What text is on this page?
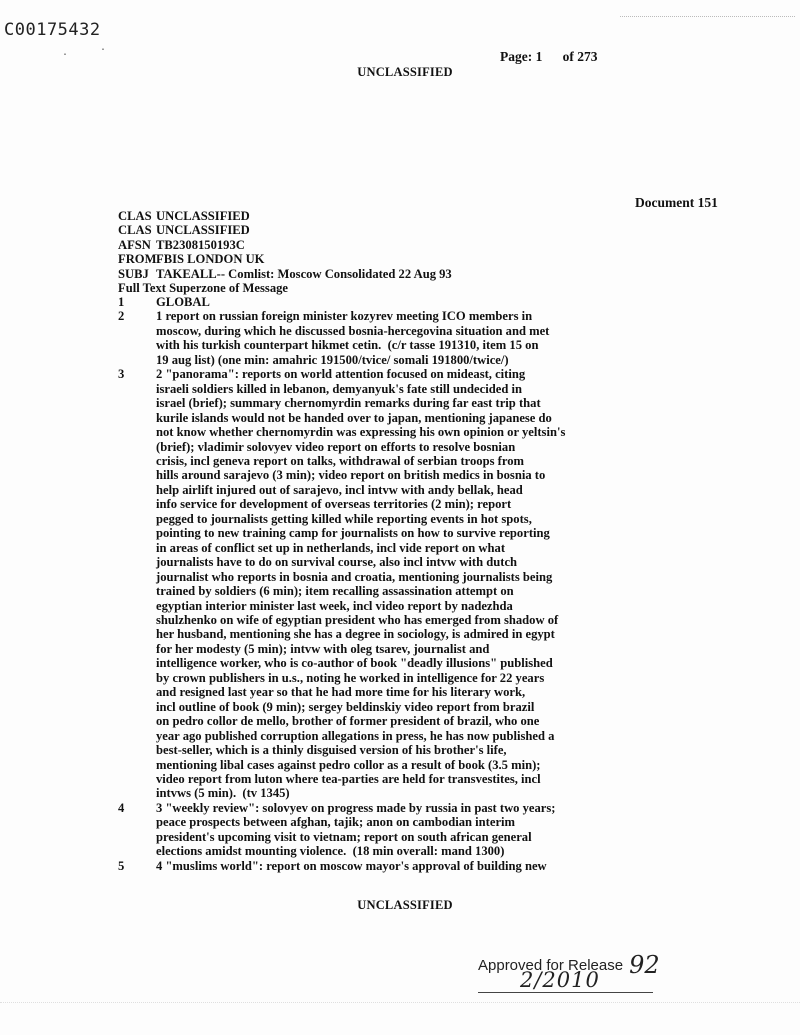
C00175432
·	·	Page: 1 of 273
UNCLASSIFIED
Document 151
CLAS UNCLASSIFIED
CLAS UNCLASSIFIED
AFSN TB2308150193C
FROM FBIS LONDON UK
SUBJ TAKEALL-- Comlist: Moscow Consolidated 22 Aug 93
Full Text Superzone of Message
1	GLOBAL
2	1 report on russian foreign minister kozyrev meeting ICO members in
moscow, during which he discussed bosnia-hercegovina situation and met
with his turkish counterpart hikmet cetin.  (c/r tasse 191310, item 15 on
19 aug list) (one min: amahric 191500/tvice/ somali 191800/twice/)
3	2 "panorama": reports on world attention focused on mideast, citing
israeli soldiers killed in lebanon, demyanyuk's fate still undecided in
israel (brief); summary chernomyrdin remarks during far east trip that
kurile islands would not be handed over to japan, mentioning japanese do
not know whether chernomyrdin was expressing his own opinion or yeltsin's
(brief); vladimir solovyev video report on efforts to resolve bosnian
crisis, incl geneva report on talks, withdrawal of serbian troops from
hills around sarajevo (3 min); video report on british medics in bosnia to
help airlift injured out of sarajevo, incl intvw with andy bellak, head
info service for development of overseas territories (2 min); report
pegged to journalists getting killed while reporting events in hot spots,
pointing to new training camp for journalists on how to survive reporting
in areas of conflict set up in netherlands, incl vide report on what
journalists have to do on survival course, also incl intvw with dutch
journalist who reports in bosnia and croatia, mentioning journalists being
trained by soldiers (6 min); item recalling assassination attempt on
egyptian interior minister last week, incl video report by nadezhda
shulzhenko on wife of egyptian president who has emerged from shadow of
her husband, mentioning she has a degree in sociology, is admired in egypt
for her modesty (5 min); intvw with oleg tsarev, journalist and
intelligence worker, who is co-author of book "deadly illusions" published
by crown publishers in u.s., noting he worked in intelligence for 22 years
and resigned last year so that he had more time for his literary work,
incl outline of book (9 min); sergey beldinskiy video report from brazil
on pedro collor de mello, brother of former president of brazil, who one
year ago published corruption allegations in press, he has now published a
best-seller, which is a thinly disguised version of his brother's life,
mentioning libal cases against pedro collor as a result of book (3.5 min);
video report from luton where tea-parties are held for transvestites, incl
intvws (5 min).  (tv 1345)
4	3 "weekly review": solovyev on progress made by russia in past two years;
peace prospects between afghan, tajik; anon on cambodian interim
president's upcoming visit to vietnam; report on south african general
elections amidst mounting violence.  (18 min overall: mand 1300)
5	4 "muslims world": report on moscow mayor's approval of building new
UNCLASSIFIED
Approved for Release 92
2/2010
